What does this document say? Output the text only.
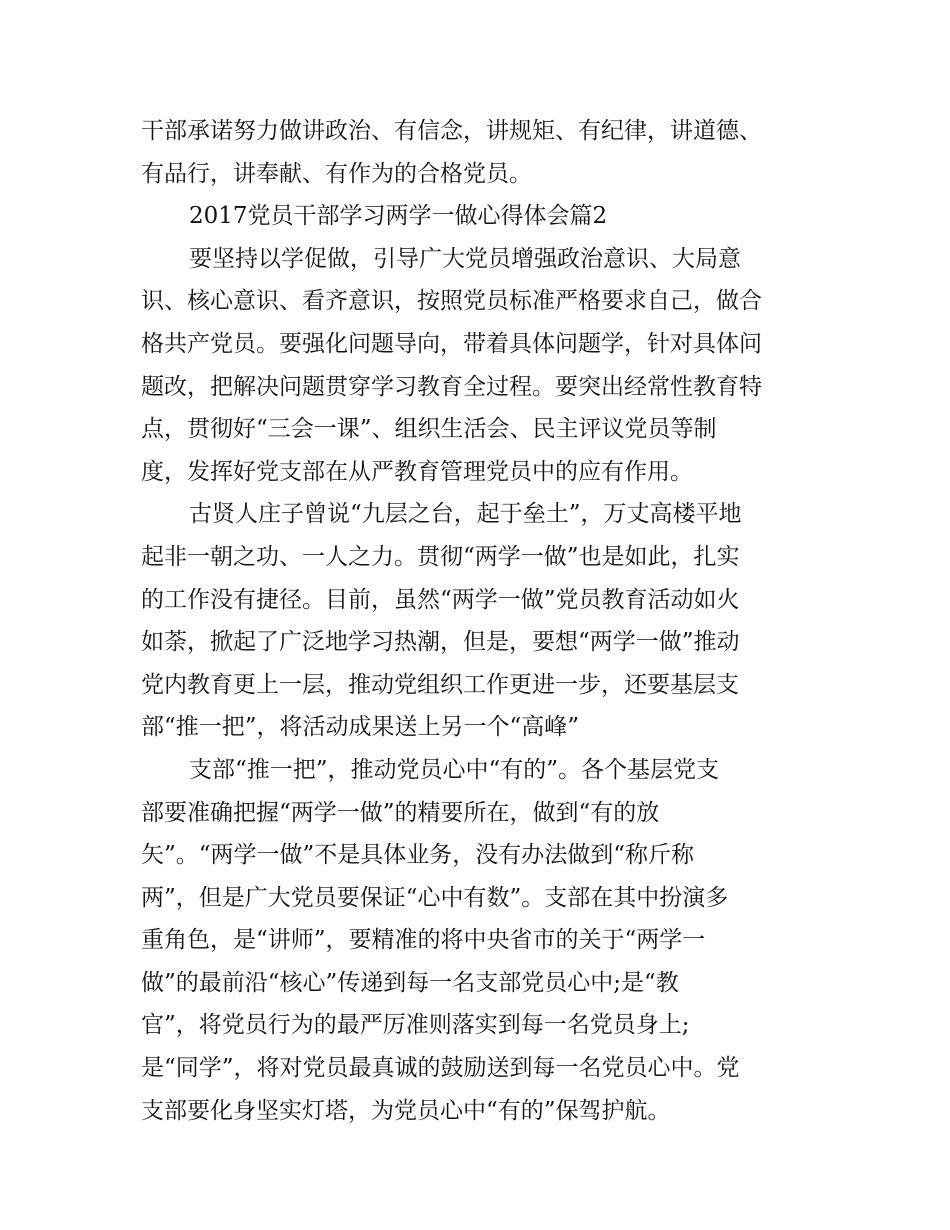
干部承诺努力做讲政治、有信念，讲规矩、有纪律，讲道德、
有品行，讲奉献、有作为的合格党员。
2017党员干部学习两学一做心得体会篇2
要坚持以学促做，引导广大党员增强政治意识、大局意
识、核心意识、看齐意识，按照党员标准严格要求自己，做合
格共产党员。要强化问题导向，带着具体问题学，针对具体问
题改，把解决问题贯穿学习教育全过程。要突出经常性教育特
点，贯彻好“三会一课”、组织生活会、民主评议党员等制
度，发挥好党支部在从严教育管理党员中的应有作用。
古贤人庄子曾说“九层之台，起于垒土”，万丈高楼平地
起非一朝之功、一人之力。贯彻“两学一做”也是如此，扎实
的工作没有捷径。目前，虽然“两学一做”党员教育活动如火
如荼，掀起了广泛地学习热潮，但是，要想“两学一做”推动
党内教育更上一层，推动党组织工作更进一步，还要基层支
部“推一把”，将活动成果送上另一个“高峰”
支部“推一把”，推动党员心中“有的”。各个基层党支
部要准确把握“两学一做”的精要所在，做到“有的放
矢”。“两学一做”不是具体业务，没有办法做到“称斤称
两”，但是广大党员要保证“心中有数”。支部在其中扮演多
重角色，是“讲师”，要精准的将中央省市的关于“两学一
做”的最前沿“核心”传递到每一名支部党员心中;是“教
官”，将党员行为的最严厉准则落实到每一名党员身上;
是“同学”，将对党员最真诚的鼓励送到每一名党员心中。党
支部要化身坚实灯塔，为党员心中“有的”保驾护航。
